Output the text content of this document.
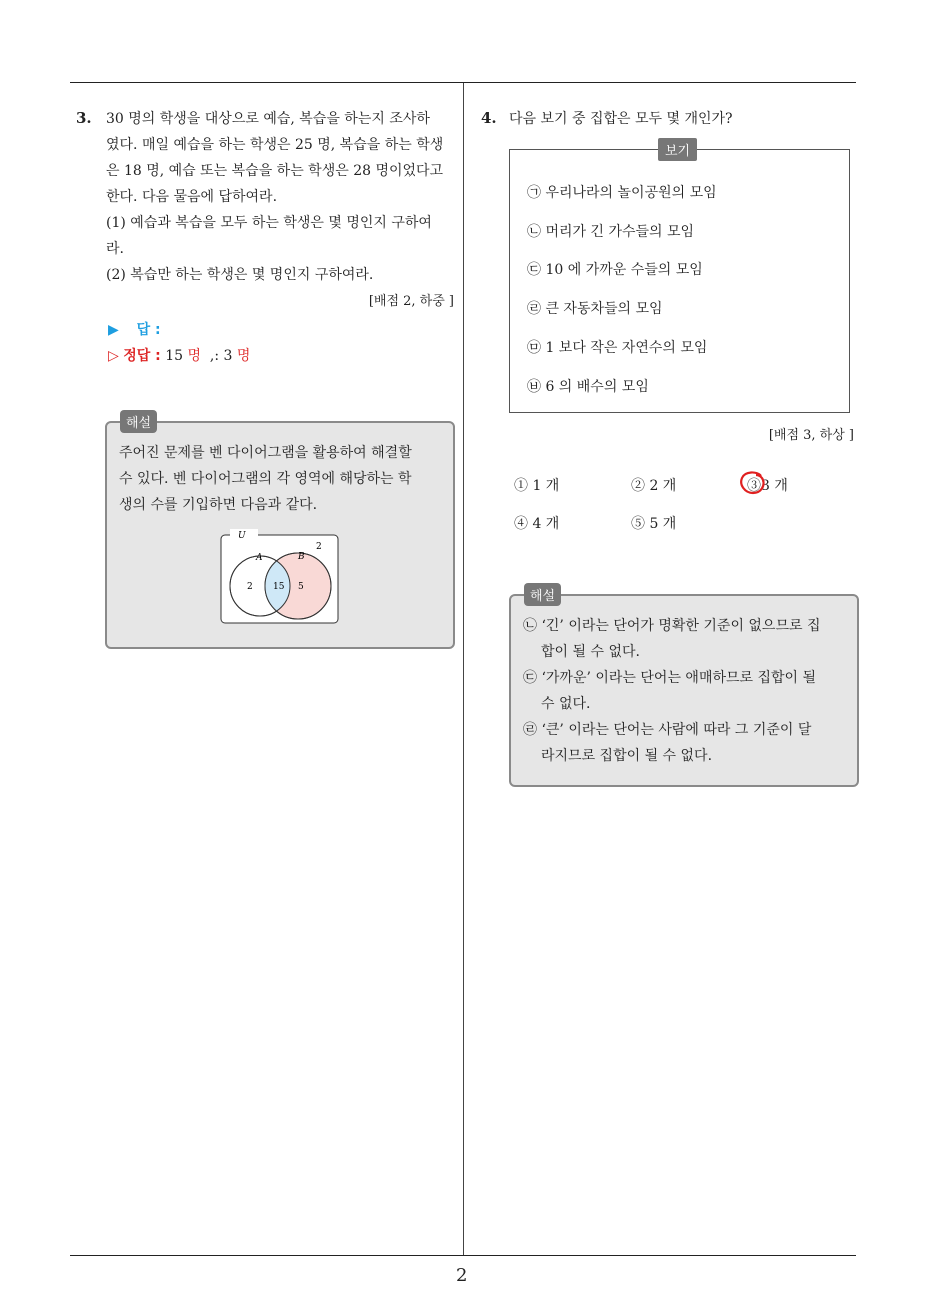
2
3. 30 명의 학생을 대상으로 예습, 복습을 하는지 조사하
였다. 매일 예습을 하는 학생은 25 명, 복습을 하는 학생
은 18 명, 예습 또는 복습을 하는 학생은 28 명이었다고
한다. 다음 물음에 답하여라.
(1) 예습과 복습을 모두 하는 학생은 몇 명인지 구하여
라.
(2) 복습만 하는 학생은 몇 명인지 구하여라.
[배점 2, 하중 ]
▶ 답 :
▷ 정답 : 15 명  ,: 3 명
해설
주어진 문제를 벤 다이어그램을 활용하여 해결할
수 있다. 벤 다이어그램의 각 영역에 해당하는 학
생의 수를 기입하면 다음과 같다.
U
A	B
2
2 15 5
4. 다음 보기 중 집합은 모두 몇 개인가?
보기
㉠ 우리나라의 놀이공원의 모임
㉡ 머리가 긴 가수들의 모임
㉢ 10 에 가까운 수들의 모임
㉣ 큰 자동차들의 모임
㉤ 1 보다 작은 자연수의 모임
㉥ 6 의 배수의 모임
[배점 3, 하상 ]
① 1 개	② 2 개	③3 개
④ 4 개	⑤ 5 개
해설
㉡ ‘긴’ 이라는 단어가 명확한 기준이 없으므로 집
합이 될 수 없다.
㉢ ‘가까운’ 이라는 단어는 애매하므로 집합이 될
수 없다.
㉣ ‘큰’ 이라는 단어는 사람에 따라 그 기준이 달
라지므로 집합이 될 수 없다.
